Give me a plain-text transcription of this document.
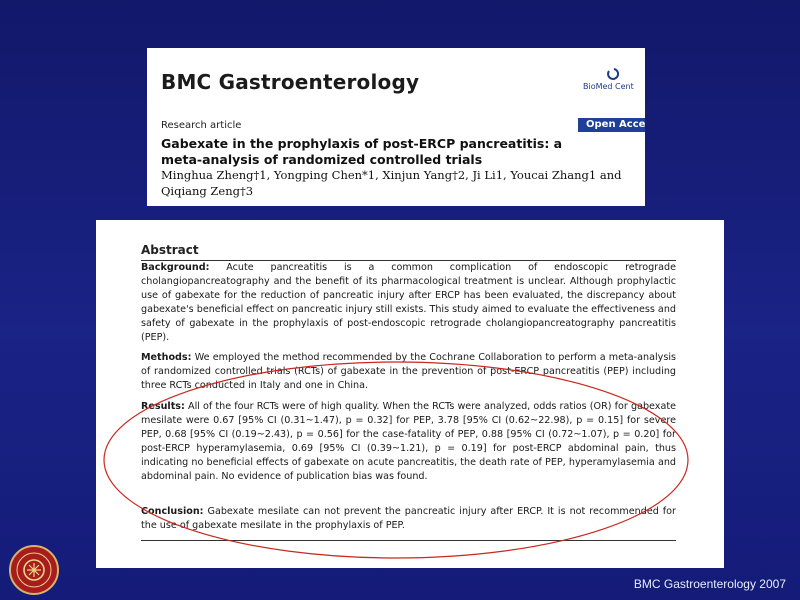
BMC Gastroenterology	BioMed Cent
Open Acce
Research article
Gabexate in the prophylaxis of post-ERCP pancreatitis: a meta-analysis of randomized controlled trials
Minghua Zheng†1, Yongping Chen*1, Xinjun Yang†2, Ji Li1, Youcai Zhang1 and Qiqiang Zeng†3
Abstract
Background: Acute pancreatitis is a common complication of endoscopic retrograde cholangiopancreatography and the benefit of its pharmacological treatment is unclear. Although prophylactic use of gabexate for the reduction of pancreatic injury after ERCP has been evaluated, the discrepancy about gabexate's beneficial effect on pancreatic injury still exists. This study aimed to evaluate the effectiveness and safety of gabexate in the prophylaxis of post-endoscopic retrograde cholangiopancreatography pancreatitis (PEP).
Methods: We employed the method recommended by the Cochrane Collaboration to perform a meta-analysis of randomized controlled trials (RCTs) of gabexate in the prevention of post-ERCP pancreatitis (PEP) including three RCTs conducted in Italy and one in China.
Results: All of the four RCTs were of high quality. When the RCTs were analyzed, odds ratios (OR) for gabexate mesilate were 0.67 [95% CI (0.31~1.47), p = 0.32] for PEP, 3.78 [95% CI (0.62~22.98), p = 0.15] for severe PEP, 0.68 [95% CI (0.19~2.43), p = 0.56] for the case-fatality of PEP, 0.88 [95% CI (0.72~1.07), p = 0.20] for post-ERCP hyperamylasemia, 0.69 [95% CI (0.39~1.21), p = 0.19] for post-ERCP abdominal pain, thus indicating no beneficial effects of gabexate on acute pancreatitis, the death rate of PEP, hyperamylasemia and abdominal pain. No evidence of publication bias was found.
Conclusion: Gabexate mesilate can not prevent the pancreatic injury after ERCP. It is not recommended for the use of gabexate mesilate in the prophylaxis of PEP.
BMC Gastroenterology 2007
